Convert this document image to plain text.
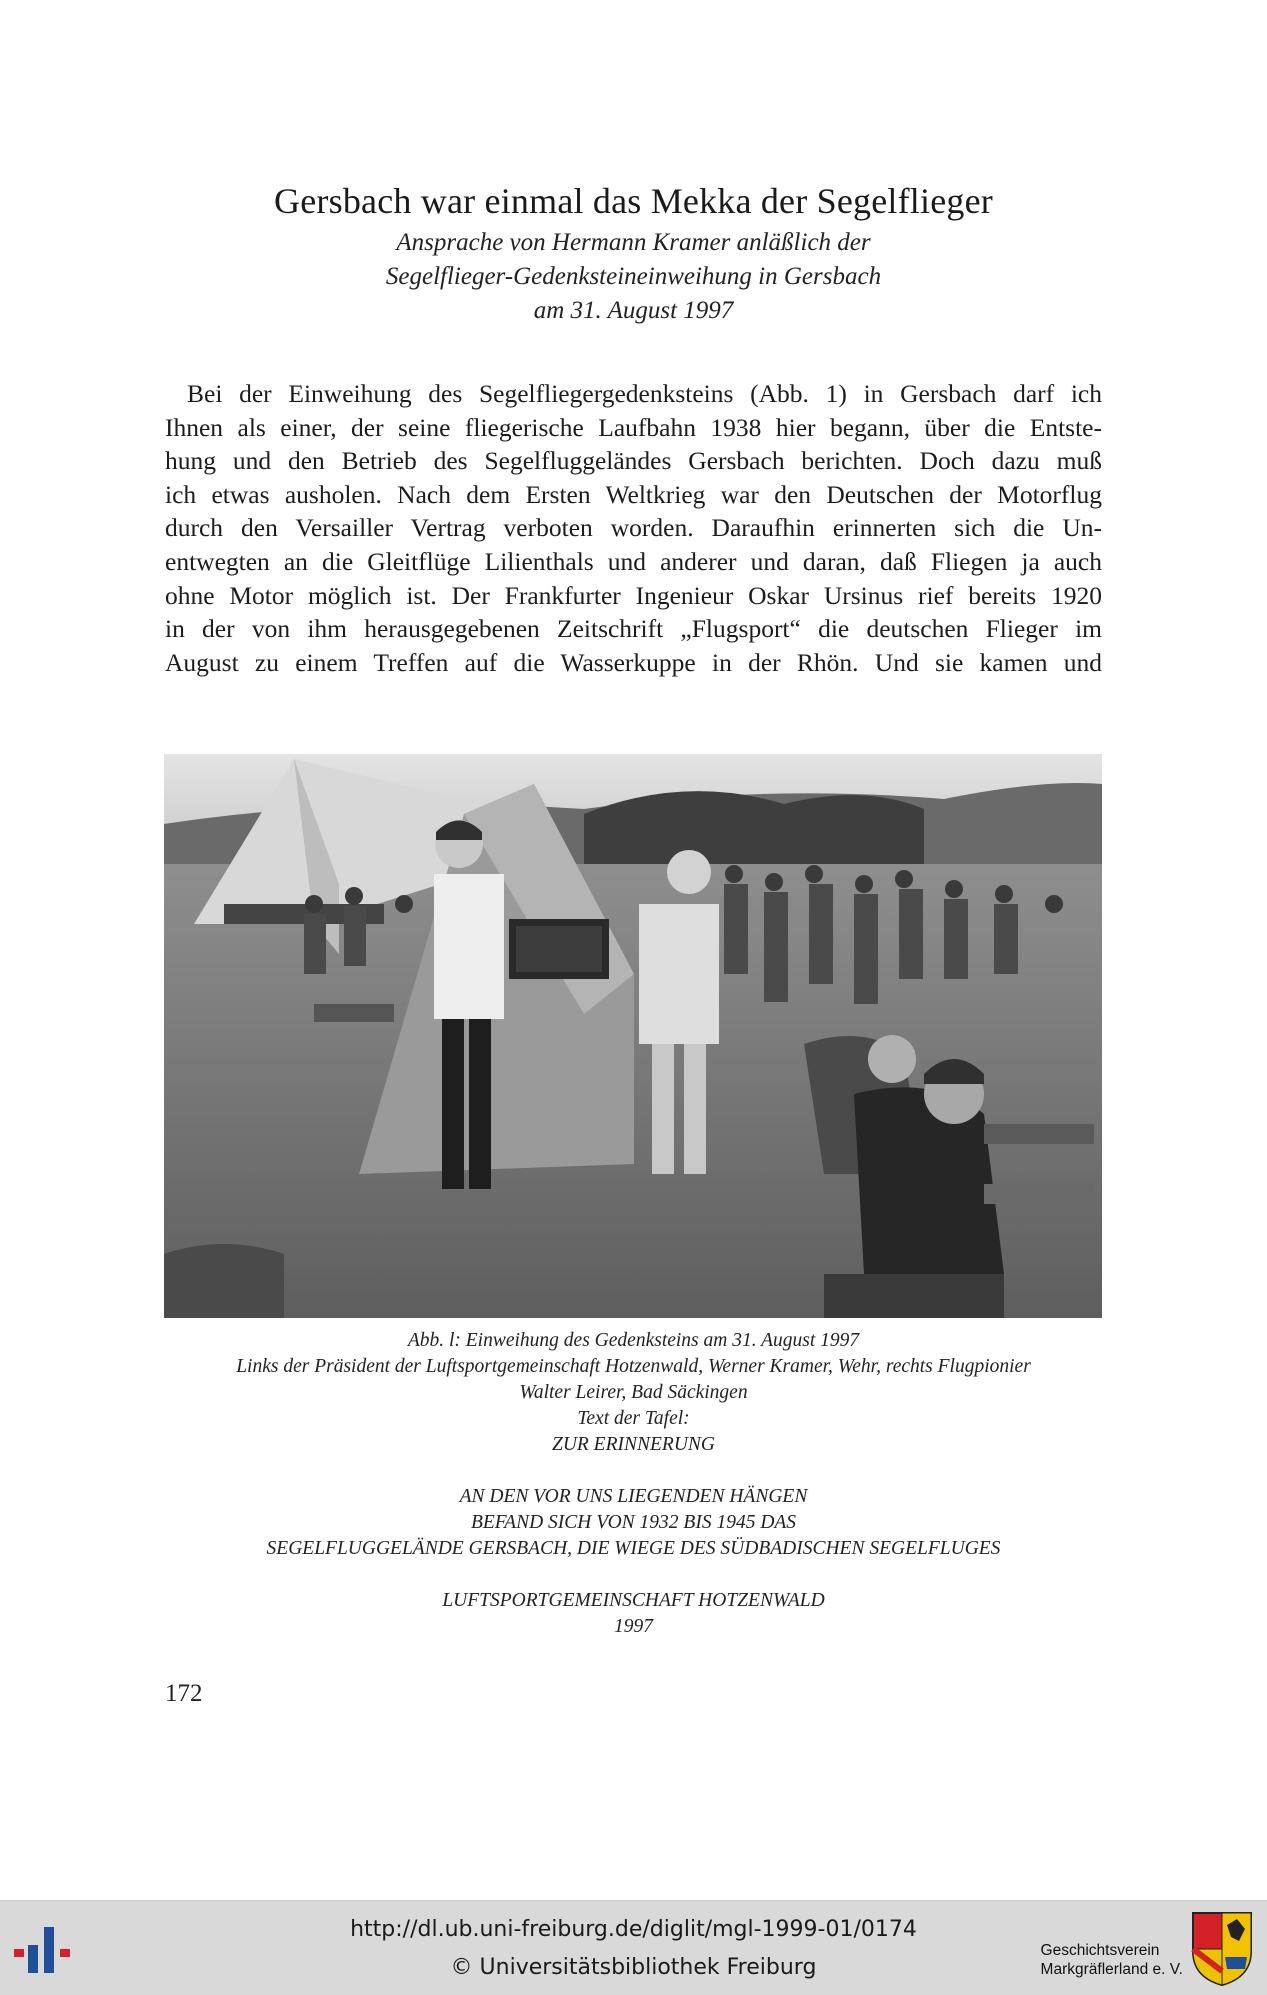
Gersbach war einmal das Mekka der Segelflieger
Ansprache von Hermann Kramer anläßlich der
Segelflieger-Gedenksteineinweihung in Gersbach
am 31. August 1997
Bei der Einweihung des Segelfliegergedenksteins (Abb. 1) in Gersbach darf ich
Ihnen als einer, der seine fliegerische Laufbahn 1938 hier begann, über die Entste-
hung und den Betrieb des Segelfluggeländes Gersbach berichten. Doch dazu muß
ich etwas ausholen. Nach dem Ersten Weltkrieg war den Deutschen der Motorflug
durch den Versailler Vertrag verboten worden. Daraufhin erinnerten sich die Un-
entwegten an die Gleitflüge Lilienthals und anderer und daran, daß Fliegen ja auch
ohne Motor möglich ist. Der Frankfurter Ingenieur Oskar Ursinus rief bereits 1920
in der von ihm herausgegebenen Zeitschrift „Flugsport“ die deutschen Flieger im
August zu einem Treffen auf die Wasserkuppe in der Rhön. Und sie kamen und
Abb. l: Einweihung des Gedenksteins am 31. August 1997
Links der Präsident der Luftsportgemeinschaft Hotzenwald, Werner Kramer, Wehr, rechts Flugpionier
Walter Leirer, Bad Säckingen
Text der Tafel:
ZUR ERINNERUNG
AN DEN VOR UNS LIEGENDEN HÄNGEN
BEFAND SICH VON 1932 BIS 1945 DAS
SEGELFLUGGELÄNDE GERSBACH, DIE WIEGE DES SÜDBADISCHEN SEGELFLUGES
LUFTSPORTGEMEINSCHAFT HOTZENWALD
1997
172
http://dl.ub.uni-freiburg.de/diglit/mgl-1999-01/0174
© Universitätsbibliothek Freiburg
Geschichtsverein
Markgräflerland e. V.
